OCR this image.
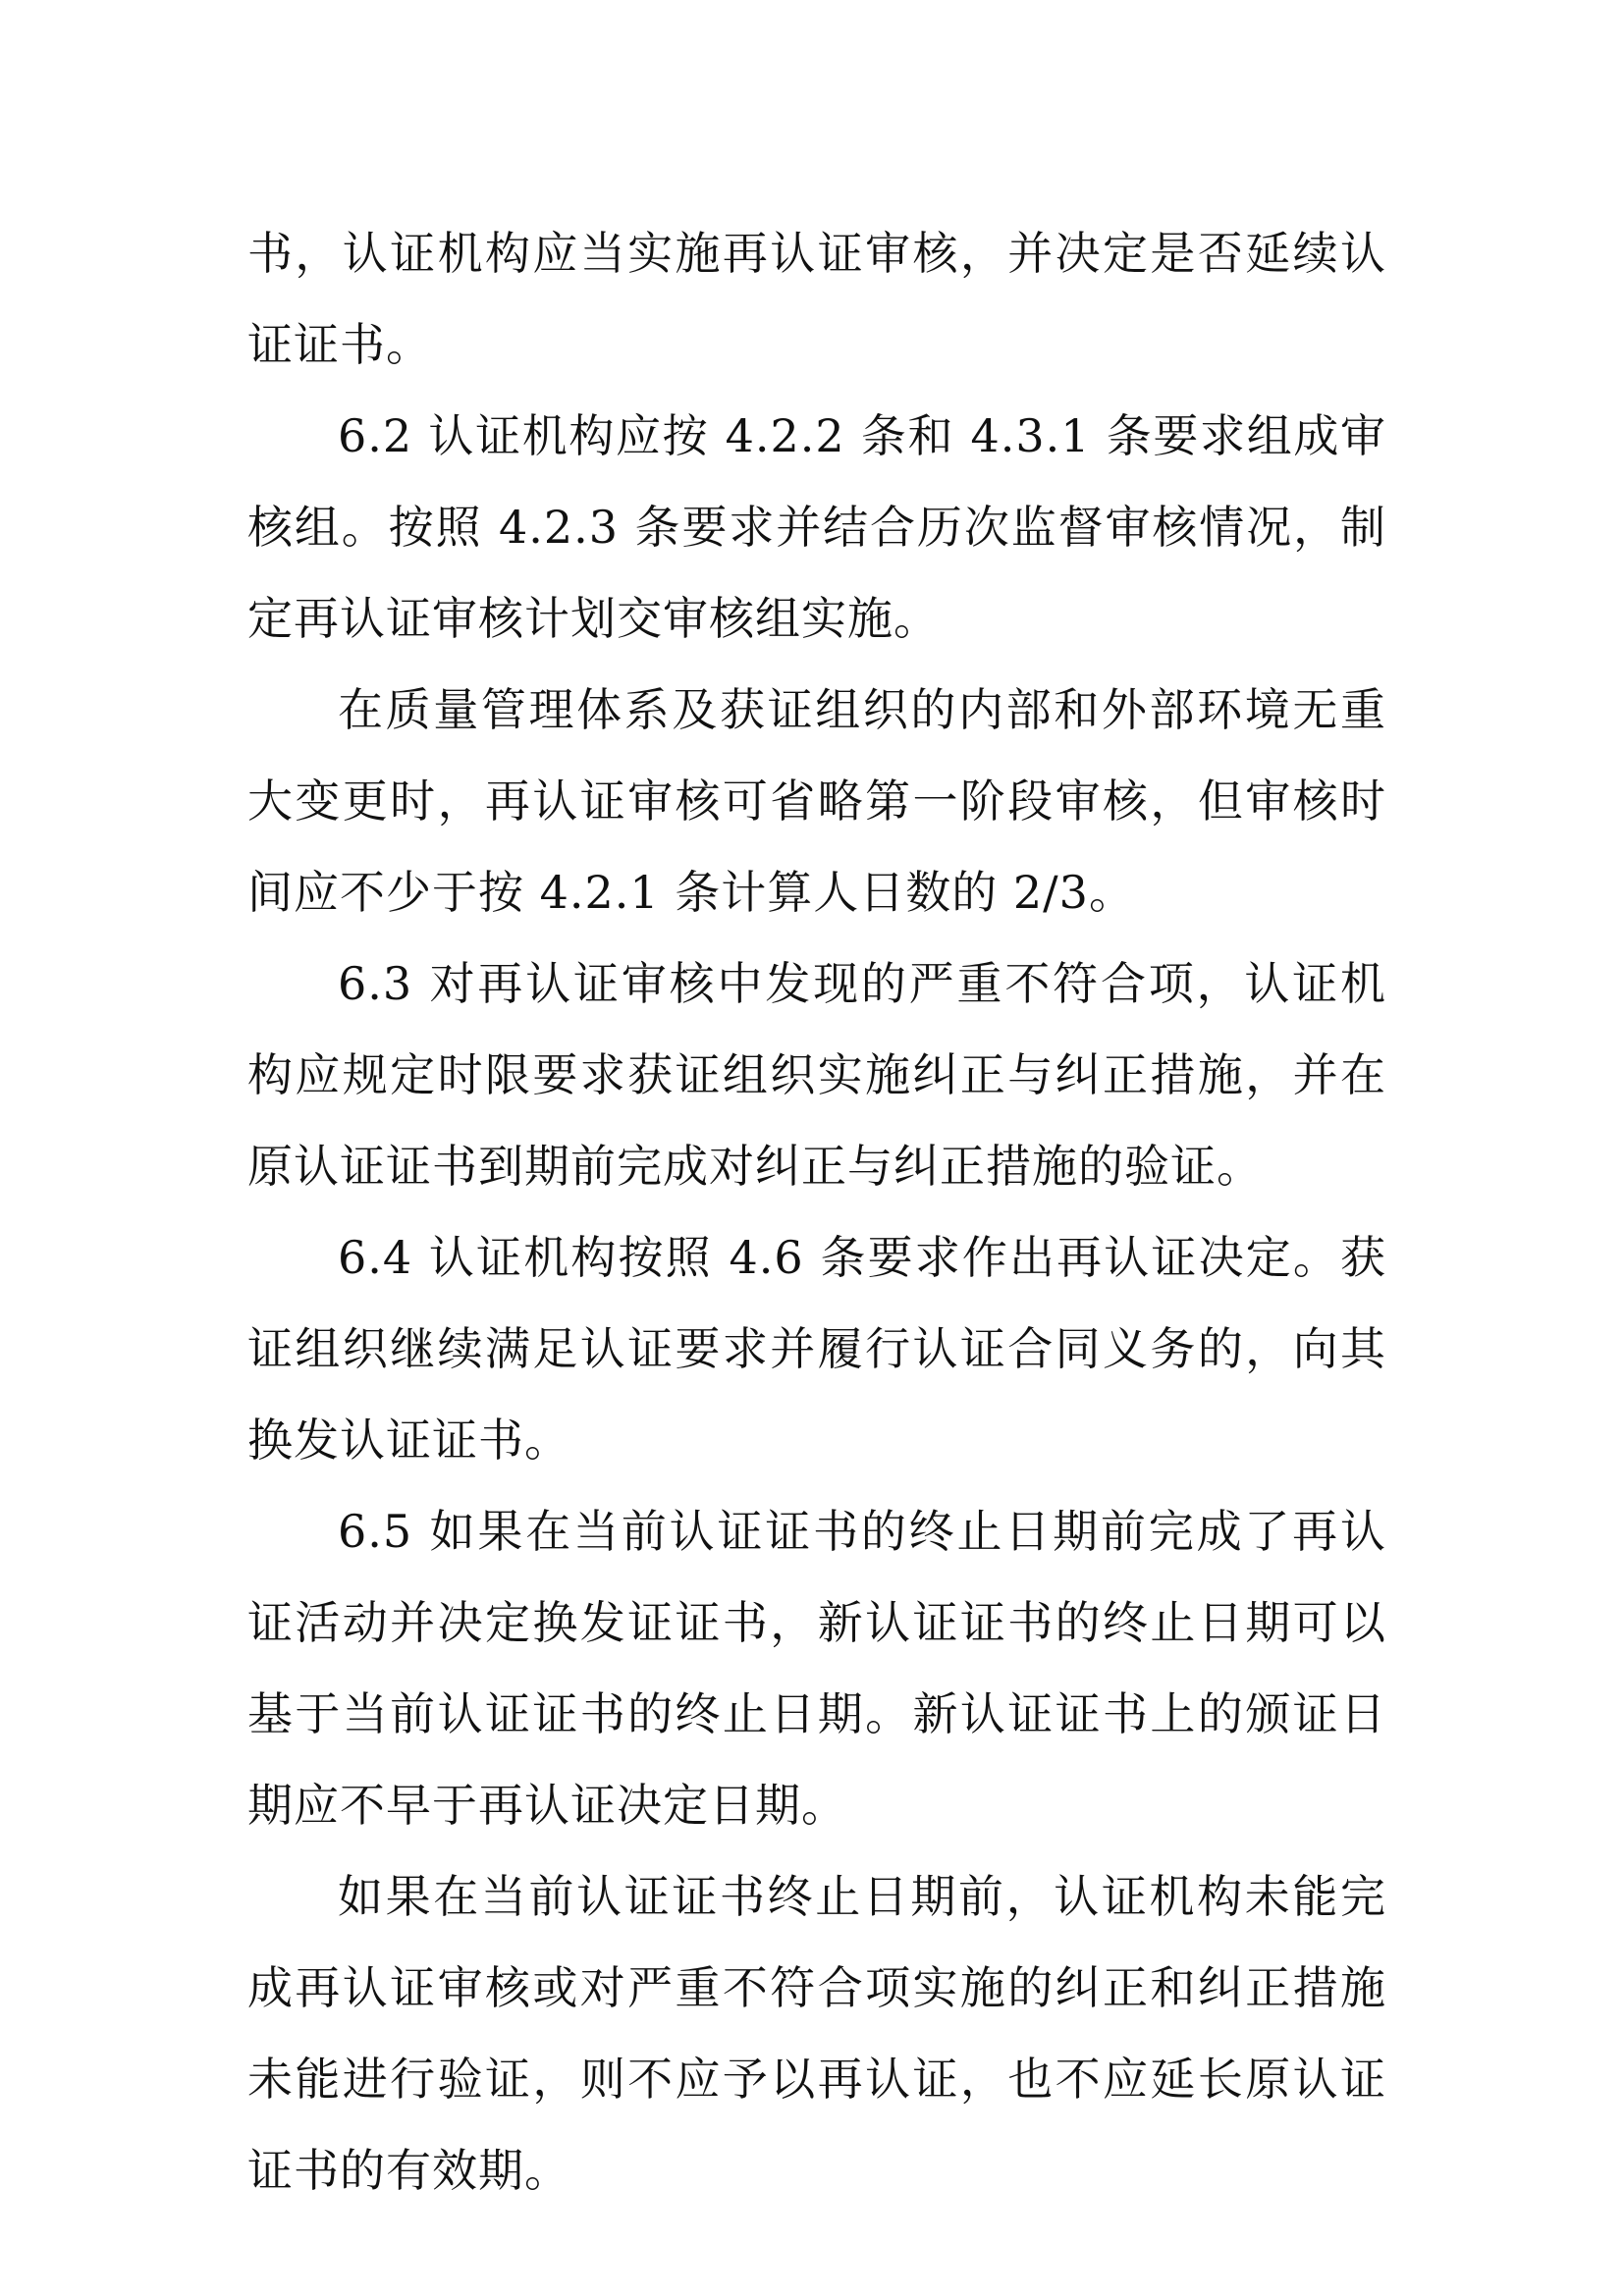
书，认证机构应当实施再认证审核，并决定是否延续认证证书。

6.2 认证机构应按 4.2.2 条和 4.3.1 条要求组成审核组。按照 4.2.3 条要求并结合历次监督审核情况，制定再认证审核计划交审核组实施。

在质量管理体系及获证组织的内部和外部环境无重大变更时，再认证审核可省略第一阶段审核，但审核时间应不少于按 4.2.1 条计算人日数的 2/3。

6.3 对再认证审核中发现的严重不符合项，认证机构应规定时限要求获证组织实施纠正与纠正措施，并在原认证证书到期前完成对纠正与纠正措施的验证。

6.4 认证机构按照 4.6 条要求作出再认证决定。获证组织继续满足认证要求并履行认证合同义务的，向其换发认证证书。

6.5 如果在当前认证证书的终止日期前完成了再认证活动并决定换发证证书，新认证证书的终止日期可以基于当前认证证书的终止日期。新认证证书上的颁证日期应不早于再认证决定日期。

如果在当前认证证书终止日期前，认证机构未能完成再认证审核或对严重不符合项实施的纠正和纠正措施未能进行验证，则不应予以再认证，也不应延长原认证证书的有效期。
